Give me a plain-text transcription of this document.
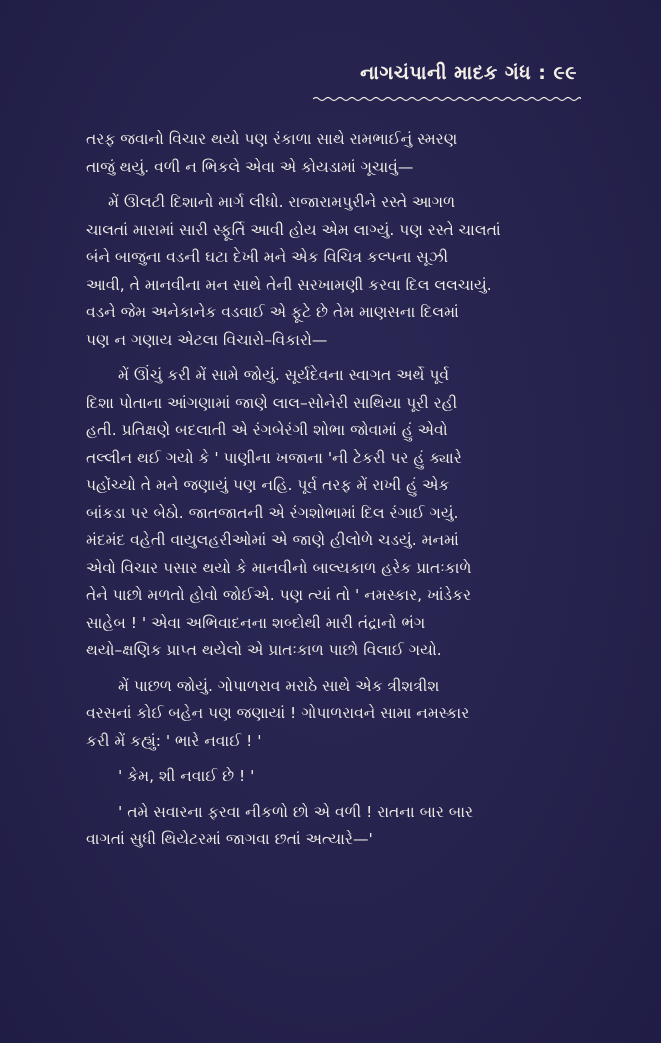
નાગચંપાની માદક ગંધ : ૯૯
તરફ જવાનો વિચાર થયો પણ રંકાળા સાથે રામભાઈનું સ્મરણ
તાજું થયું. વળી ન ભિકલે એવા એ કોયડામાં ગૂચાવું—
મેં ઊલટી દિશાનો માર્ગ લીધો. રાજારામપુરીને રસ્તે આગળ
ચાલતાં મારામાં સારી સ્ફૂર્તિ આવી હોય એમ લાગ્યું. પણ રસ્તે ચાલતાં
બંને બાજુના વડની ઘટા દેખી મને એક વિચિત્ર કલ્પના સૂઝી
આવી, તે માનવીના મન સાથે તેની સરખામણી કરવા દિલ લલચાયું.
વડને જેમ અનેકાનેક વડવાઈ એ ફૂટે છે તેમ માણસના દિલમાં
પણ ન ગણાય એટલા વિચારો–વિકારો—
મેં ઊંચું કરી મેં સામે જોયું. સૂર્યદેવના સ્વાગત અર્થે પૂર્વ
દિશા પોતાના આંગણામાં જાણે લાલ–સોનેરી સાથિયા પૂરી રહી
હતી. પ્રતિક્ષણે બદલાતી એ રંગબેરંગી શોભા જોવામાં હું એવો
તલ્લીન થઈ ગયો કે ' પાણીના ખજાના 'ની ટેકરી પર હું ક્યારે
પહોંચ્યો તે મને જણાયું પણ નહિ. પૂર્વ તરફ મેં રાખી હું એક
બાંકડા પર બેઠો. જાતજાતની એ રંગશોભામાં દિલ રંગાઈ ગયું.
મંદમંદ વહેતી વાયુલહરીઓમાં એ જાણે હીલોળે ચડયું. મનમાં
એવો વિચાર પસાર થયો કે માનવીનો બાલ્યકાળ હરેક પ્રાતઃકાળે
તેને પાછો મળતો હોવો જોઈએ. પણ ત્યાં તો ' નમસ્કાર, ખાંડેકર
સાહેબ ! ' એવા અભિવાદનના શબ્દોથી મારી તંદ્રાનો ભંગ
થયો–ક્ષણિક પ્રાપ્ત થયેલો એ પ્રાતઃકાળ પાછો વિલાઈ ગયો.
મેં પાછળ જોયું. ગોપાળરાવ મરાઠે સાથે એક ત્રીશત્રીશ
વરસનાં કોઈ બહેન પણ જણાયાં ! ગોપાળરાવને સામા નમસ્કાર
કરી મેં કહ્યું: ' ભારે નવાઈ ! '
' કેમ, શી નવાઈ છે ! '
' તમે સવારના ફરવા નીકળો છો એ વળી ! રાતના બાર બાર
વાગતાં સુધી થિયેટરમાં જાગવા છતાં અત્યારે—'
